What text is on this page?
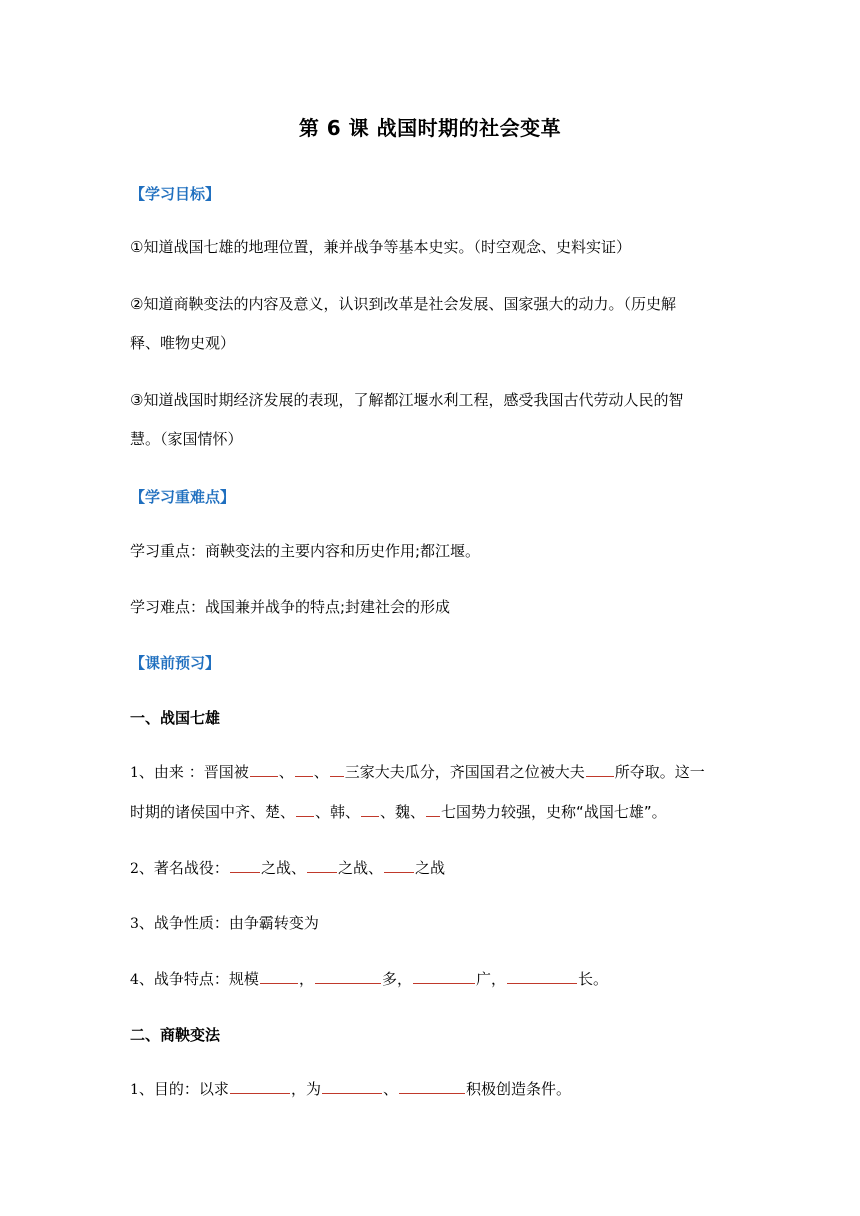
第 6 课 战国时期的社会变革
【学习目标】
①知道战国七雄的地理位置，兼并战争等基本史实。（时空观念、史料实证）
②知道商鞅变法的内容及意义，认识到改革是社会发展、国家强大的动力。（历史解
释、唯物史观）
③知道战国时期经济发展的表现，了解都江堰水利工程，感受我国古代劳动人民的智
慧。（家国情怀）
【学习重难点】
学习重点：商鞅变法的主要内容和历史作用;都江堰。
学习难点：战国兼并战争的特点;封建社会的形成
【课前预习】
一、战国七雄
1、由来 ：晋国被 、 、 三家大夫瓜分，齐国国君之位被大夫 所夺取。这一
时期的诸侯国中齐、楚、 、韩、 、魏、 七国势力较强，史称“战国七雄”。
2、著名战役： 之战、 之战、 之战
3、战争性质：由争霸转变为
4、战争特点：规模	，	多，	广，	长。
二、商鞅变法
1、目的：以求	，为	、	积极创造条件。
